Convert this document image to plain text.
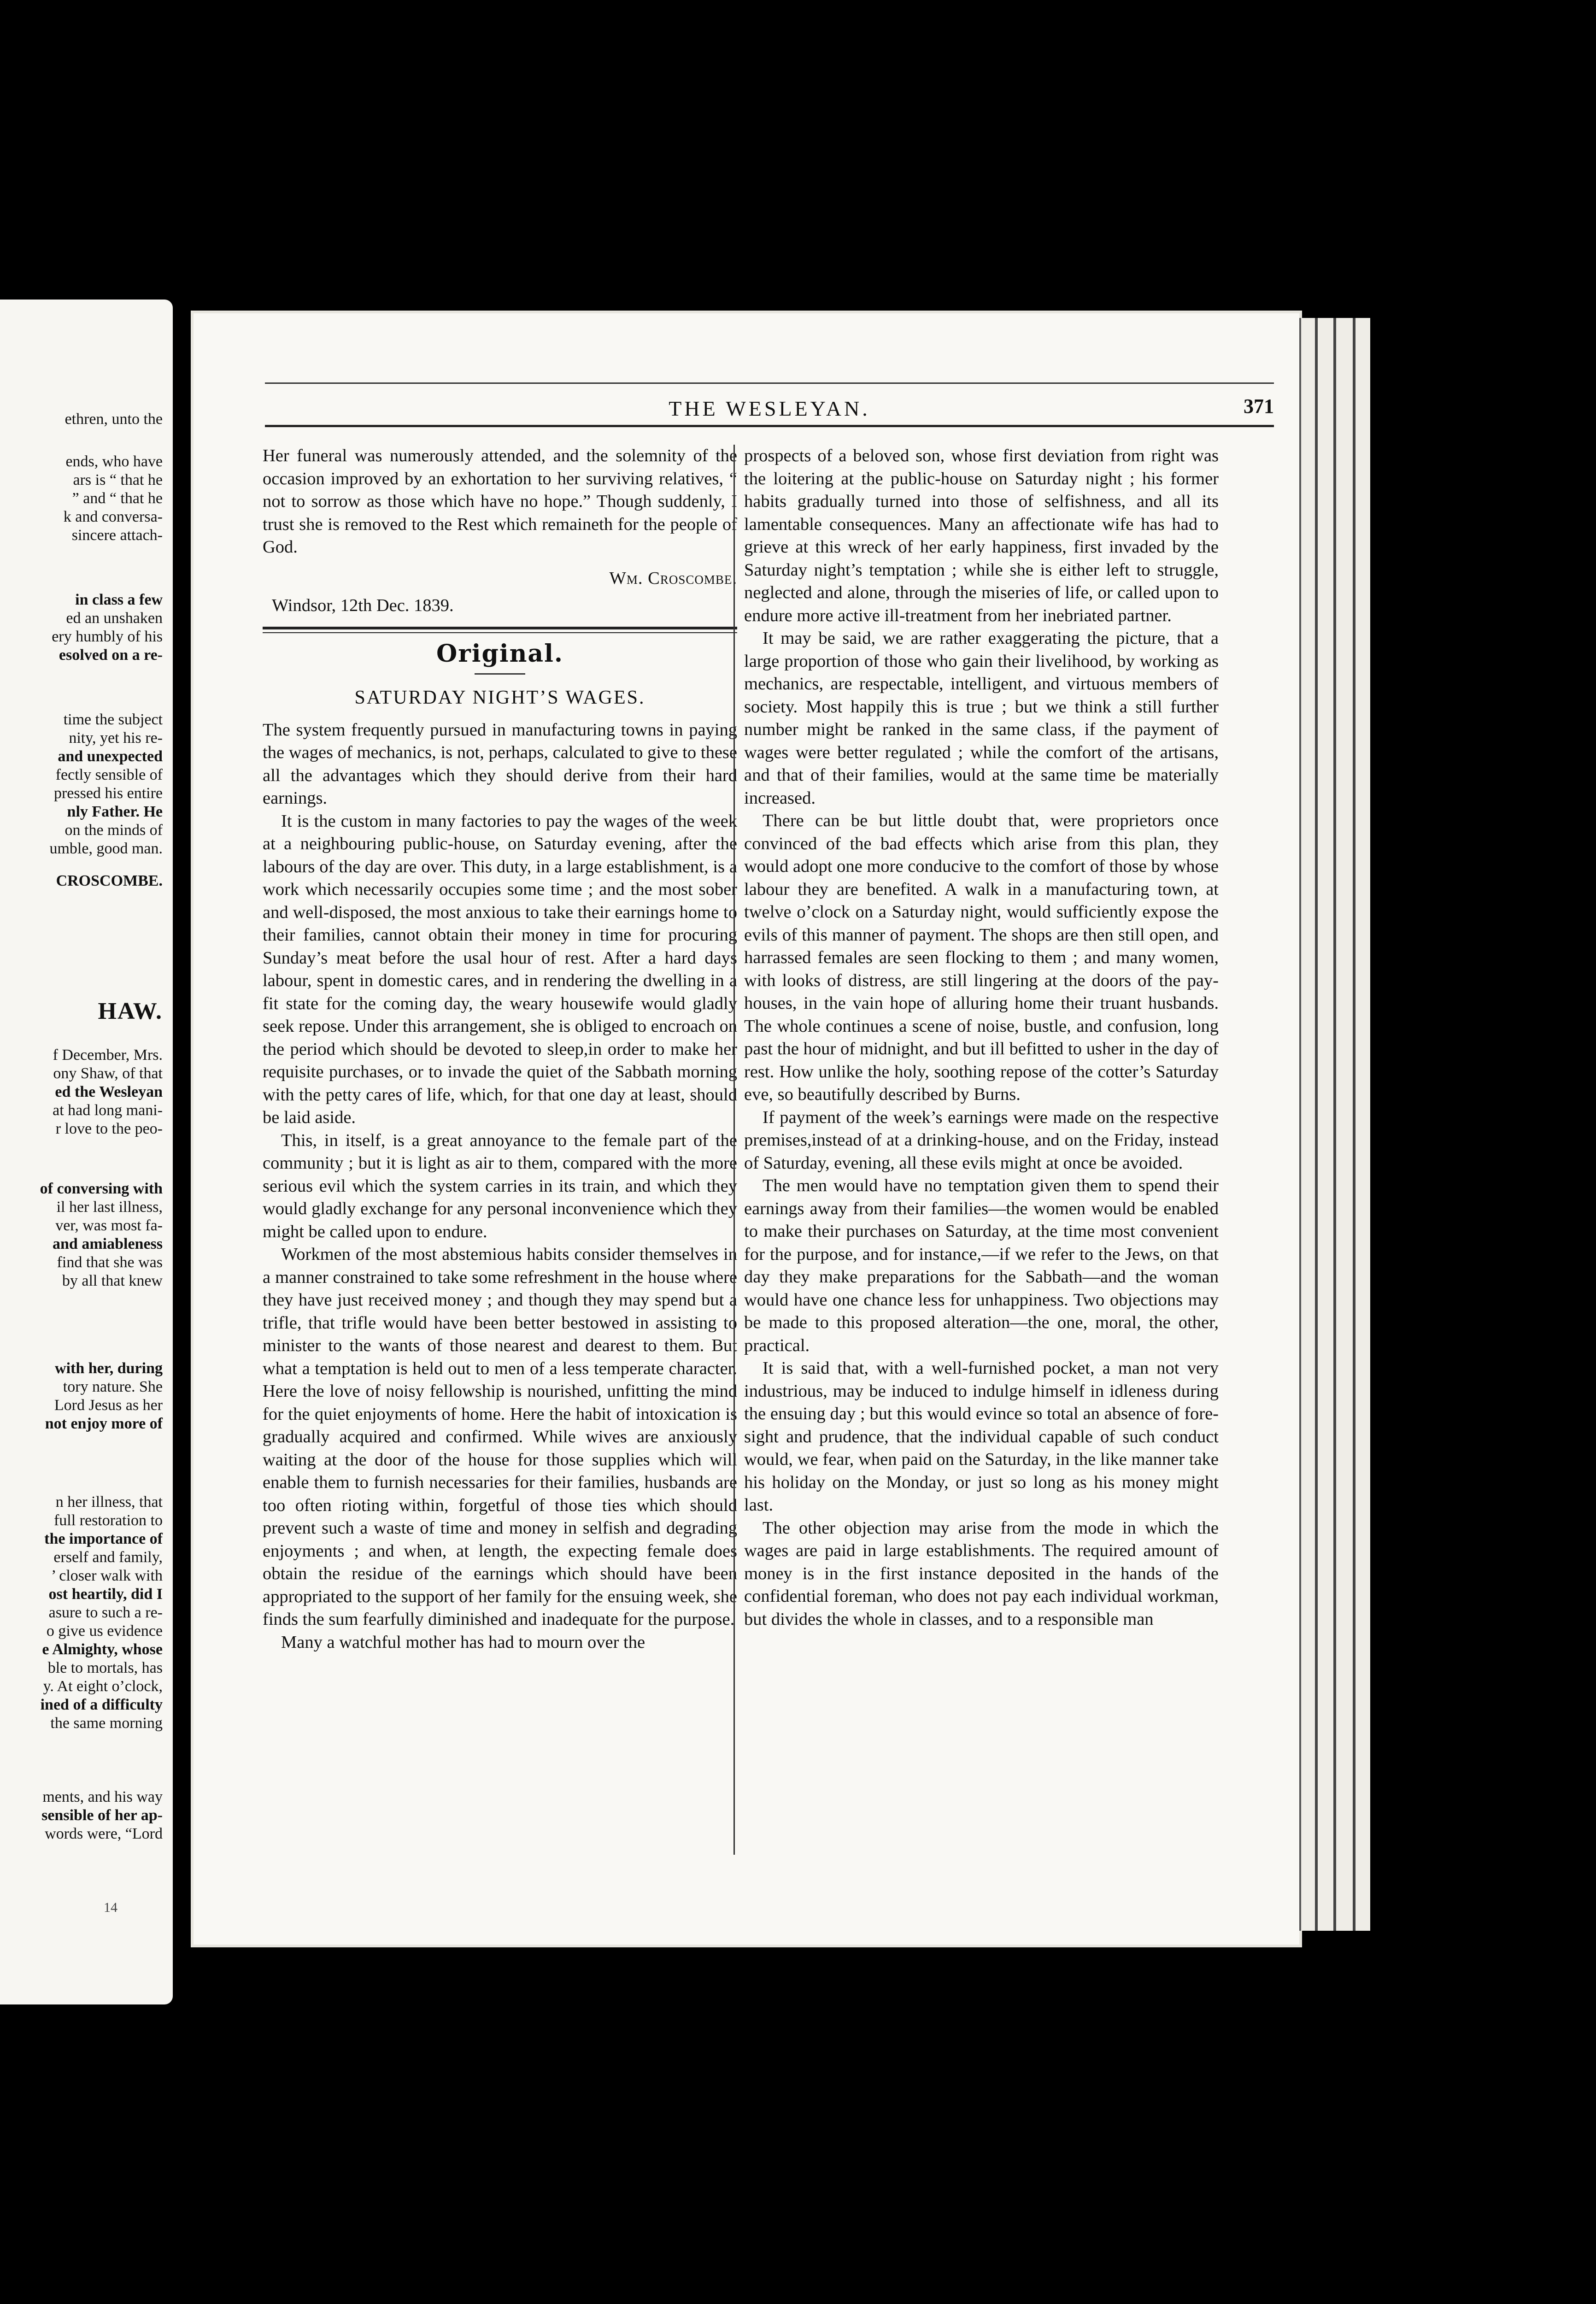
HAW.
14
ethren, unto the
ends, who have
ars is “ that he
” and “ that he
k and conversa-
sincere attach-
in class a few
ed an unshaken
ery humbly of his
esolved on a re-
time the subject
nity, yet his re-
and unexpected
fectly sensible of
pressed his entire
nly Father. He
on the minds of
umble, good man.
CROSCOMBE.
f December, Mrs.
ony Shaw, of that
ed the Wesleyan
at had long mani-
r love to the peo-
of conversing with
il her last illness,
ver, was most fa-
and amiableness
find that she was
by all that knew
with her, during
tory nature. She
Lord Jesus as her
not enjoy more of
n her illness, that
full restoration to
the importance of
erself and family,
’ closer walk with
ost heartily, did I
asure to such a re-
o give us evidence
e Almighty, whose
ble to mortals, has
y. At eight o’clock,
ined of a difficulty
the same morning
ments, and his way
sensible of her ap-
words were, “Lord
THE WESLEYAN.	371

Her funeral was numerously attended, and the solemnity of the occasion improved by an exhortation to her surviving relatives, “ not to sorrow as those which have no hope.” Though suddenly, I trust she is removed to the Rest which remaineth for the people of God.

Wm. Croscombe.
Windsor, 12th Dec. 1839.
Original.
SATURDAY NIGHT’S WAGES.

The system frequently pursued in manufacturing towns in paying the wages of mechanics, is not, perhaps, calculated to give to these all the advantages which they should derive from their hard earnings.

It is the custom in many factories to pay the wages of the week at a neighbouring public-house, on Saturday evening, after the labours of the day are over. This duty, in a large establishment, is a work which necessarily occupies some time ; and the most sober and well-disposed, the most anxious to take their earnings home to their families, cannot obtain their money in time for procuring Sunday’s meat before the usal hour of rest. After a hard days labour, spent in domestic cares, and in rendering the dwelling in a fit state for the coming day, the weary housewife would gladly seek repose. Under this arrangement, she is obliged to encroach on the period which should be devoted to sleep,in order to make her requisite purchases, or to invade the quiet of the Sabbath morning with the petty cares of life, which, for that one day at least, should be laid aside.

This, in itself, is a great annoyance to the female part of the community ; but it is light as air to them, compared with the more serious evil which the system carries in its train, and which they would gladly exchange for any personal inconvenience which they might be called upon to endure.

Workmen of the most abstemious habits consider themselves in a manner constrained to take some refreshment in the house where they have just received money ; and though they may spend but a trifle, that trifle would have been better bestowed in assisting to minister to the wants of those nearest and dearest to them. But what a temptation is held out to men of a less temperate character. Here the love of noisy fellowship is nourished, unfitting the mind for the quiet enjoyments of home. Here the habit of intoxication is gradually acquired and confirmed. While wives are anxiously waiting at the door of the house for those supplies which will enable them to furnish necessaries for their families, husbands are too often rioting within, forgetful of those ties which should prevent such a waste of time and money in selfish and degrading enjoyments ; and when, at length, the expecting female does obtain the residue of the earnings which should have been appropriated to the support of her family for the ensuing week, she finds the sum fearfully diminished and inadequate for the purpose.

Many a watchful mother has had to mourn over the

prospects of a beloved son, whose first deviation from right was the loitering at the public-house on Saturday night ; his former habits gradually turned into those of selfishness, and all its lamentable consequences. Many an affectionate wife has had to grieve at this wreck of her early happiness, first invaded by the Saturday night’s temptation ; while she is either left to struggle, neglected and alone, through the miseries of life, or called upon to endure more active ill-treatment from her inebriated partner.

It may be said, we are rather exaggerating the picture, that a large proportion of those who gain their livelihood, by working as mechanics, are respectable, intelligent, and virtuous members of society. Most happily this is true ; but we think a still further number might be ranked in the same class, if the payment of wages were better regulated ; while the comfort of the artisans, and that of their families, would at the same time be materially increased.

There can be but little doubt that, were proprietors once convinced of the bad effects which arise from this plan, they would adopt one more conducive to the comfort of those by whose labour they are benefited. A walk in a manufacturing town, at twelve o’clock on a Saturday night, would sufficiently expose the evils of this manner of payment. The shops are then still open, and harrassed females are seen flocking to them ; and many women, with looks of distress, are still lingering at the doors of the pay-houses, in the vain hope of alluring home their truant husbands. The whole continues a scene of noise, bustle, and confusion, long past the hour of midnight, and but ill befitted to usher in the day of rest. How unlike the holy, soothing repose of the cotter’s Saturday eve, so beautifully described by Burns.

If payment of the week’s earnings were made on the respective premises,instead of at a drinking-house, and on the Friday, instead of Saturday, evening, all these evils might at once be avoided.

The men would have no temptation given them to spend their earnings away from their families—the women would be enabled to make their purchases on Saturday, at the time most convenient for the purpose, and for instance,—if we refer to the Jews, on that day they make preparations for the Sabbath—and the woman would have one chance less for unhappiness. Two objections may be made to this proposed alteration—the one, moral, the other, practical.

It is said that, with a well-furnished pocket, a man not very industrious, may be induced to indulge himself in idleness during the ensuing day ; but this would evince so total an absence of fore-sight and prudence, that the individual capable of such conduct would, we fear, when paid on the Saturday, in the like manner take his holiday on the Monday, or just so long as his money might last.

The other objection may arise from the mode in which the wages are paid in large establishments. The required amount of money is in the first instance deposited in the hands of the confidential foreman, who does not pay each individual workman, but divides the whole in classes, and to a responsible man
